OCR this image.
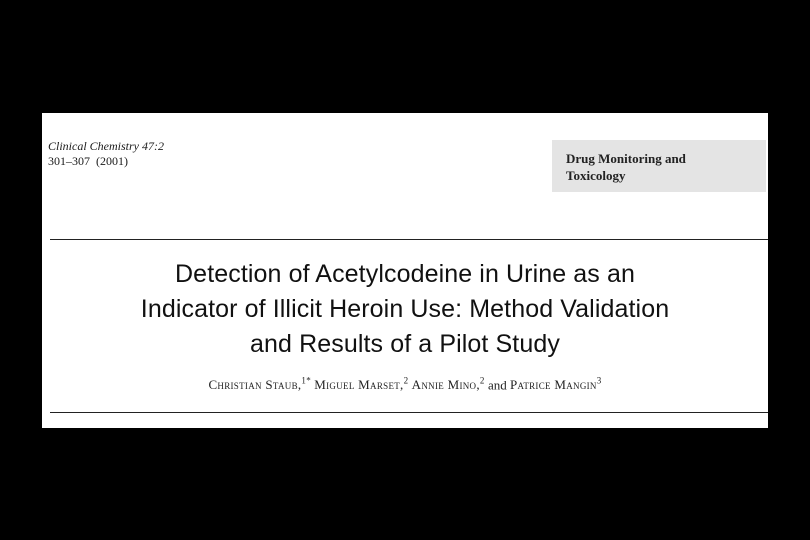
Clinical Chemistry 47:2
301–307 (2001)	Drug Monitoring and
Toxicology
Detection of Acetylcodeine in Urine as an
Indicator of Illicit Heroin Use: Method Validation
and Results of a Pilot Study
Christian Staub,$^{1*}$ Miguel Marset,$^2$ Annie Mino,$^2$ and Patrice Mangin$^3$
